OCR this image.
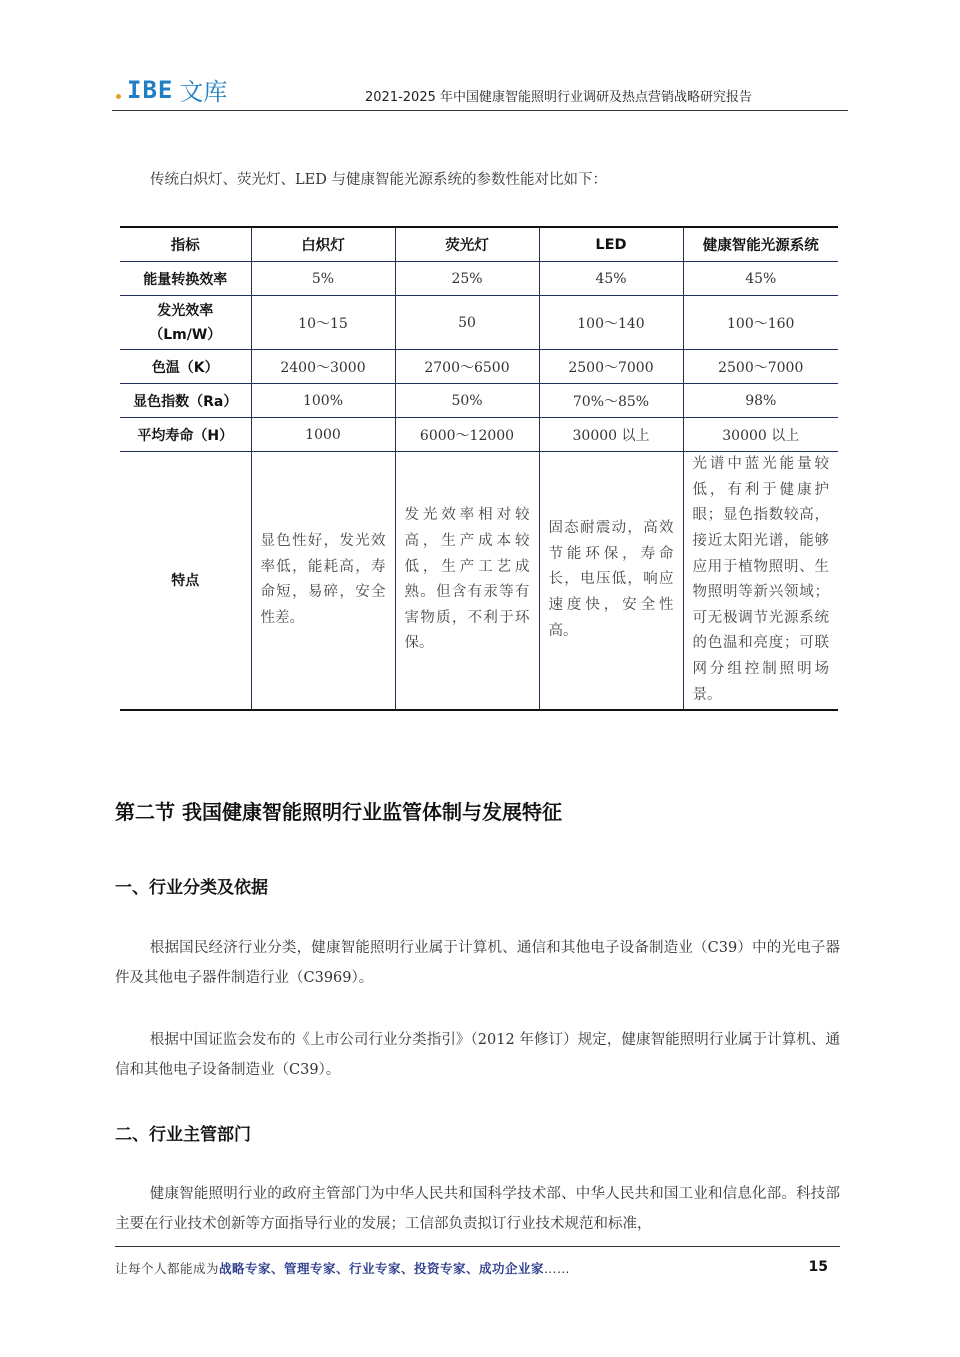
IBE 文库	2021-2025 年中国健康智能照明行业调研及热点营销战略研究报告
传统白炽灯、荧光灯、LED 与健康智能光源系统的参数性能对比如下：
指标	白炽灯	荧光灯	LED	健康智能光源系统
能量转换效率	5%	25%	45%	45%
发光效率（Lm/W）	10～15	50	100～140	100～160
色温（K）	2400～3000	2700～6500	2500～7000	2500～7000
显色指数（Ra）	100%	50%	70%～85%	98%
平均寿命（H）	1000	6000～12000	30000 以上	30000 以上
特点	显色性好，发光效率低，能耗高，寿命短，易碎，安全性差。	发光效率相对较高，生产成本较低，生产工艺成熟。但含有汞等有害物质，不利于环保。	固态耐震动，高效节能环保，寿命长，电压低，响应速度快，安全性高。	光谱中蓝光能量较低，有利于健康护眼；显色指数较高，接近太阳光谱，能够应用于植物照明、生物照明等新兴领域；可无极调节光源系统的色温和亮度；可联网分组控制照明场景。
第二节 我国健康智能照明行业监管体制与发展特征
一、行业分类及依据

根据国民经济行业分类，健康智能照明行业属于计算机、通信和其他电子设备制造业（C39）中的光电子器件及其他电子器件制造行业（C3969）。

根据中国证监会发布的《上市公司行业分类指引》（2012 年修订）规定，健康智能照明行业属于计算机、通信和其他电子设备制造业（C39）。

二、行业主管部门

健康智能照明行业的政府主管部门为中华人民共和国科学技术部、中华人民共和国工业和信息化部。科技部主要在行业技术创新等方面指导行业的发展；工信部负责拟订行业技术规范和标准，

让每个人都能成为战略专家、管理专家、行业专家、投资专家、成功企业家……	15
